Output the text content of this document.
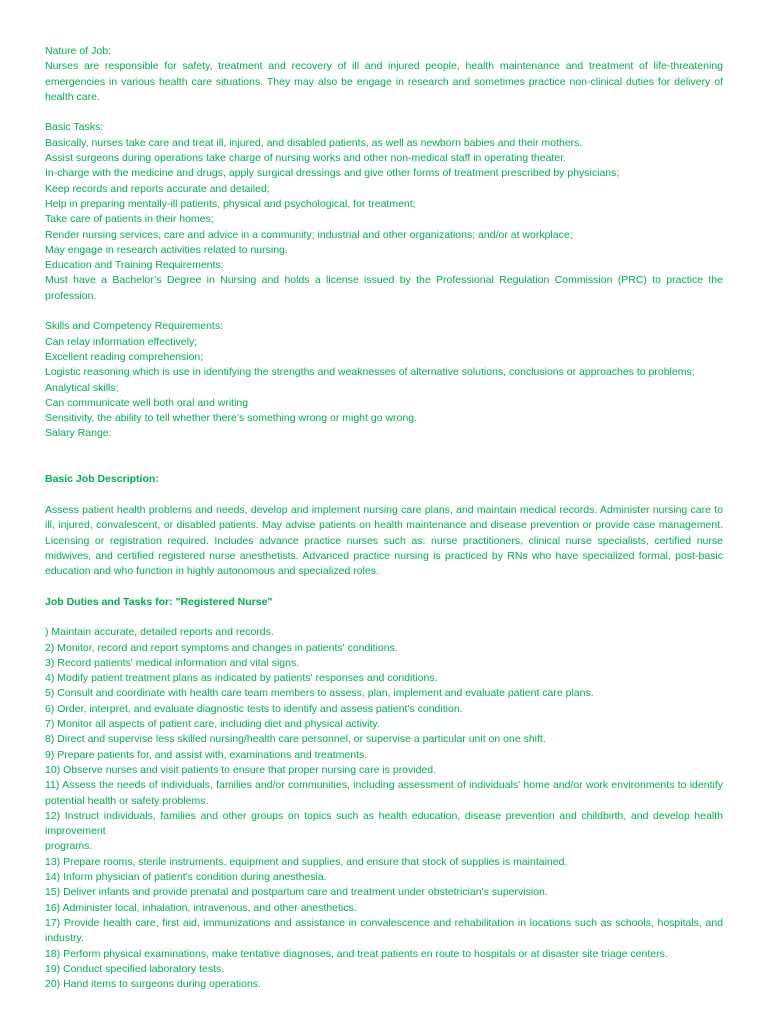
Nature of Job:

Nurses are responsible for safety, treatment and recovery of ill and injured people, health maintenance and treatment of life-threatening emergencies in various health care situations. They may also be engage in research and sometimes practice non-clinical duties for delivery of health care.

Basic Tasks:

Basically, nurses take care and treat ill, injured, and disabled patients, as well as newborn babies and their mothers.

Assist surgeons during operations take charge of nursing works and other non-medical staff in operating theater.

In-charge with the medicine and drugs, apply surgical dressings and give other forms of treatment prescribed by physicians;

Keep records and reports accurate and detailed;

Help in preparing mentally-ill patients, physical and psychological, for treatment;

Take care of patients in their homes;

Render nursing services, care and advice in a community; industrial and other organizations; and/or at workplace;

May engage in research activities related to nursing.

Education and Training Requirements:

Must have a Bachelor’s Degree in Nursing and holds a license issued by the Professional Regulation Commission (PRC) to practice the profession.

Skills and Competency Requirements:

Can relay information effectively;

Excellent reading comprehension;

Logistic reasoning which is use in identifying the strengths and weaknesses of alternative solutions, conclusions or approaches to problems;

Analytical skills;

Can communicate well both oral and writing

Sensitivity, the ability to tell whether there’s something wrong or might go wrong.

Salary Range:

Basic Job Description:

Assess patient health problems and needs, develop and implement nursing care plans, and maintain medical records. Administer nursing care to ill, injured, convalescent, or disabled patients. May advise patients on health maintenance and disease prevention or provide case management. Licensing or registration required. Includes advance practice nurses such as: nurse practitioners, clinical nurse specialists, certified nurse midwives, and certified registered nurse anesthetists. Advanced practice nursing is practiced by RNs who have specialized formal, post-basic education and who function in highly autonomous and specialized roles.

Job Duties and Tasks for: "Registered Nurse"

) Maintain accurate, detailed reports and records.

2) Monitor, record and report symptoms and changes in patients' conditions.

3) Record patients' medical information and vital signs.

4) Modify patient treatment plans as indicated by patients' responses and conditions.

5) Consult and coordinate with health care team members to assess, plan, implement and evaluate patient care plans.

6) Order, interpret, and evaluate diagnostic tests to identify and assess patient's condition.

7) Monitor all aspects of patient care, including diet and physical activity.

8) Direct and supervise less skilled nursing/health care personnel, or supervise a particular unit on one shift.

9) Prepare patients for, and assist with, examinations and treatments.

10) Observe nurses and visit patients to ensure that proper nursing care is provided.

11) Assess the needs of individuals, families and/or communities, including assessment of individuals' home and/or work environments to identify potential health or safety problems.

12) Instruct individuals, families and other groups on topics such as health education, disease prevention and childbirth, and develop health improvement

programs.

13) Prepare rooms, sterile instruments, equipment and supplies, and ensure that stock of supplies is maintained.

14) Inform physician of patient's condition during anesthesia.

15) Deliver infants and provide prenatal and postpartum care and treatment under obstetrician's supervision.

16) Administer local, inhalation, intravenous, and other anesthetics.

17) Provide health care, first aid, immunizations and assistance in convalescence and rehabilitation in locations such as schools, hospitals, and industry.

18) Perform physical examinations, make tentative diagnoses, and treat patients en route to hospitals or at disaster site triage centers.

19) Conduct specified laboratory tests.

20) Hand items to surgeons during operations.
